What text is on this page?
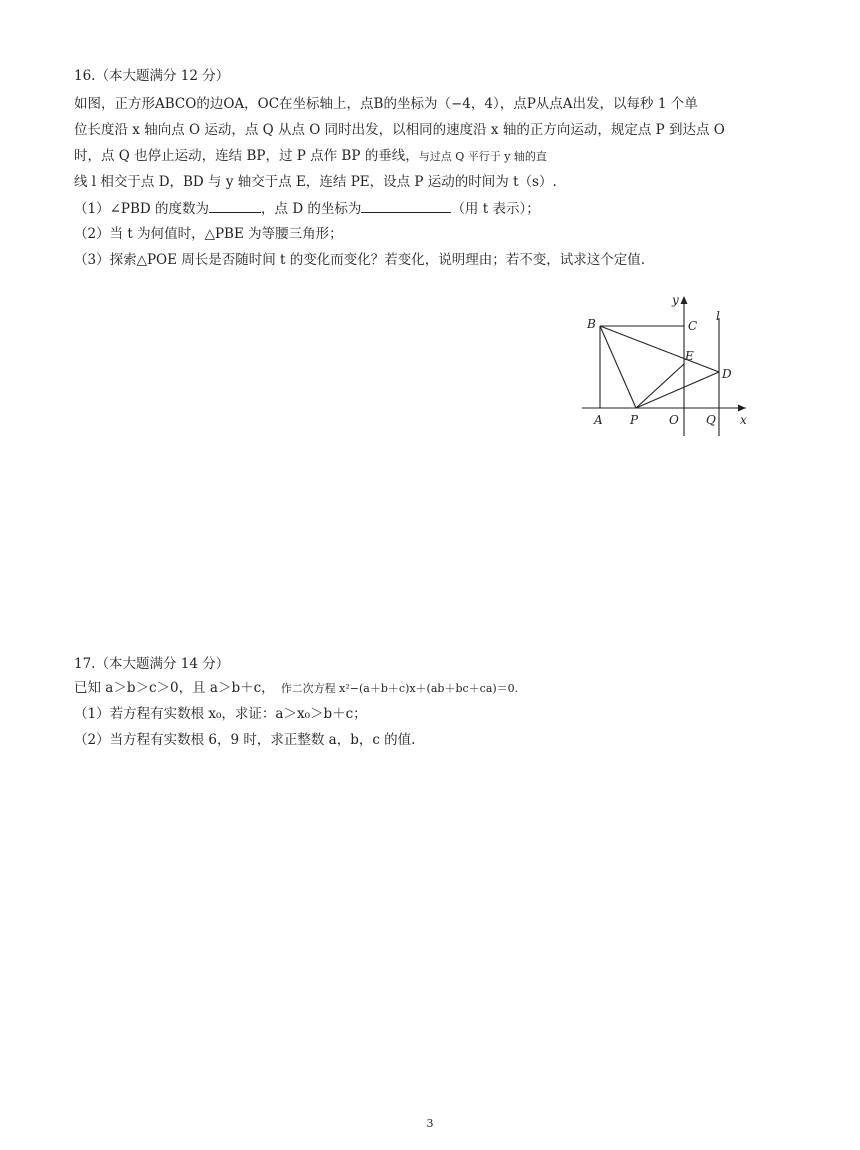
16.（本大题满分 12 分）
如图，正方形ABCO的边OA，OC在坐标轴上，点B的坐标为（−4，4），点P从点A出发，以每秒 1 个单
位长度沿 x 轴向点 O 运动，点 Q 从点 O 同时出发，以相同的速度沿 x 轴的正方向运动，规定点 P 到达点 O
时，点 Q 也停止运动，连结 BP，过 P 点作 BP 的垂线，与过点 Q 平行于 y 轴的直
线 l 相交于点 D，BD 与 y 轴交于点 E，连结 PE，设点 P 运动的时间为 t（s）.
（1）∠PBD 的度数为	，点 D 的坐标为	（用 t 表示）；
（2）当 t 为何值时，△PBE 为等腰三角形；
（3）探索△POE 周长是否随时间 t 的变化而变化？若变化，说明理由；若不变，试求这个定值.
B	C
E
D
A P	O Q x
y
l
17.（本大题满分 14 分）
已知 a＞b＞c＞0，且 a＞b＋c， 作二次方程 x²−(a＋b＋c)x＋(ab＋bc＋ca)＝0.
（1）若方程有实数根 x₀，求证：a＞x₀＞b＋c；
（2）当方程有实数根 6，9 时，求正整数 a，b，c 的值.
3
